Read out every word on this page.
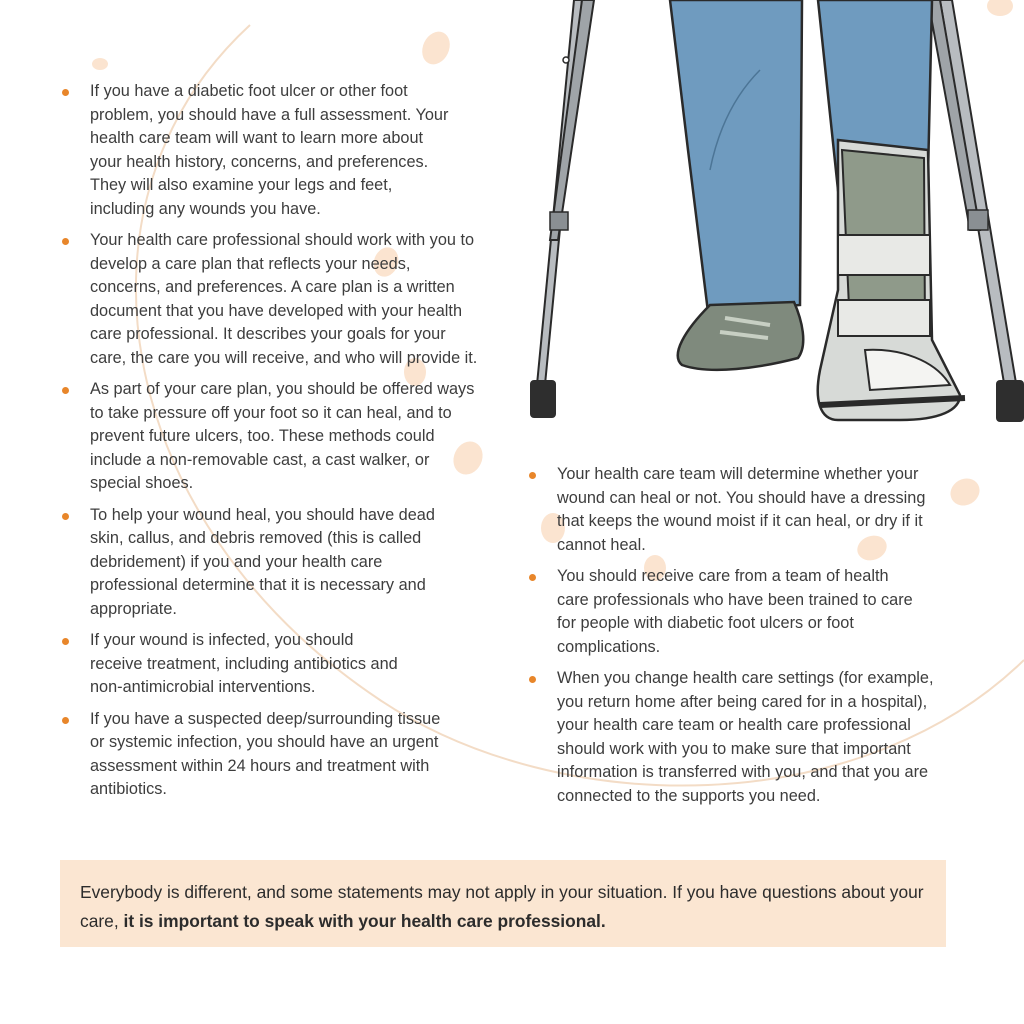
If you have a diabetic foot ulcer or other foot problem, you should have a full assessment. Your health care team will want to learn more about your health history, concerns, and preferences. They will also examine your legs and feet, including any wounds you have.
Your health care professional should work with you to develop a care plan that reflects your needs, concerns, and preferences. A care plan is a written document that you have developed with your health care professional. It describes your goals for your care, the care you will receive, and who will provide it.
As part of your care plan, you should be offered ways to take pressure off your foot so it can heal, and to prevent future ulcers, too. These methods could include a non-removable cast, a cast walker, or special shoes.
To help your wound heal, you should have dead skin, callus, and debris removed (this is called debridement) if you and your health care professional determine that it is necessary and appropriate.
If your wound is infected, you should receive treatment, including antibiotics and non-antimicrobial interventions.
If you have a suspected deep/surrounding tissue or systemic infection, you should have an urgent assessment within 24 hours and treatment with antibiotics.
Your health care team will determine whether your wound can heal or not. You should have a dressing that keeps the wound moist if it can heal, or dry if it cannot heal.
You should receive care from a team of health care professionals who have been trained to care for people with diabetic foot ulcers or foot complications.
When you change health care settings (for example, you return home after being cared for in a hospital), your health care team or health care professional should work with you to make sure that important information is transferred with you, and that you are connected to the supports you need.
Everybody is different, and some statements may not apply in your situation. If you have questions about your care, it is important to speak with your health care professional.
